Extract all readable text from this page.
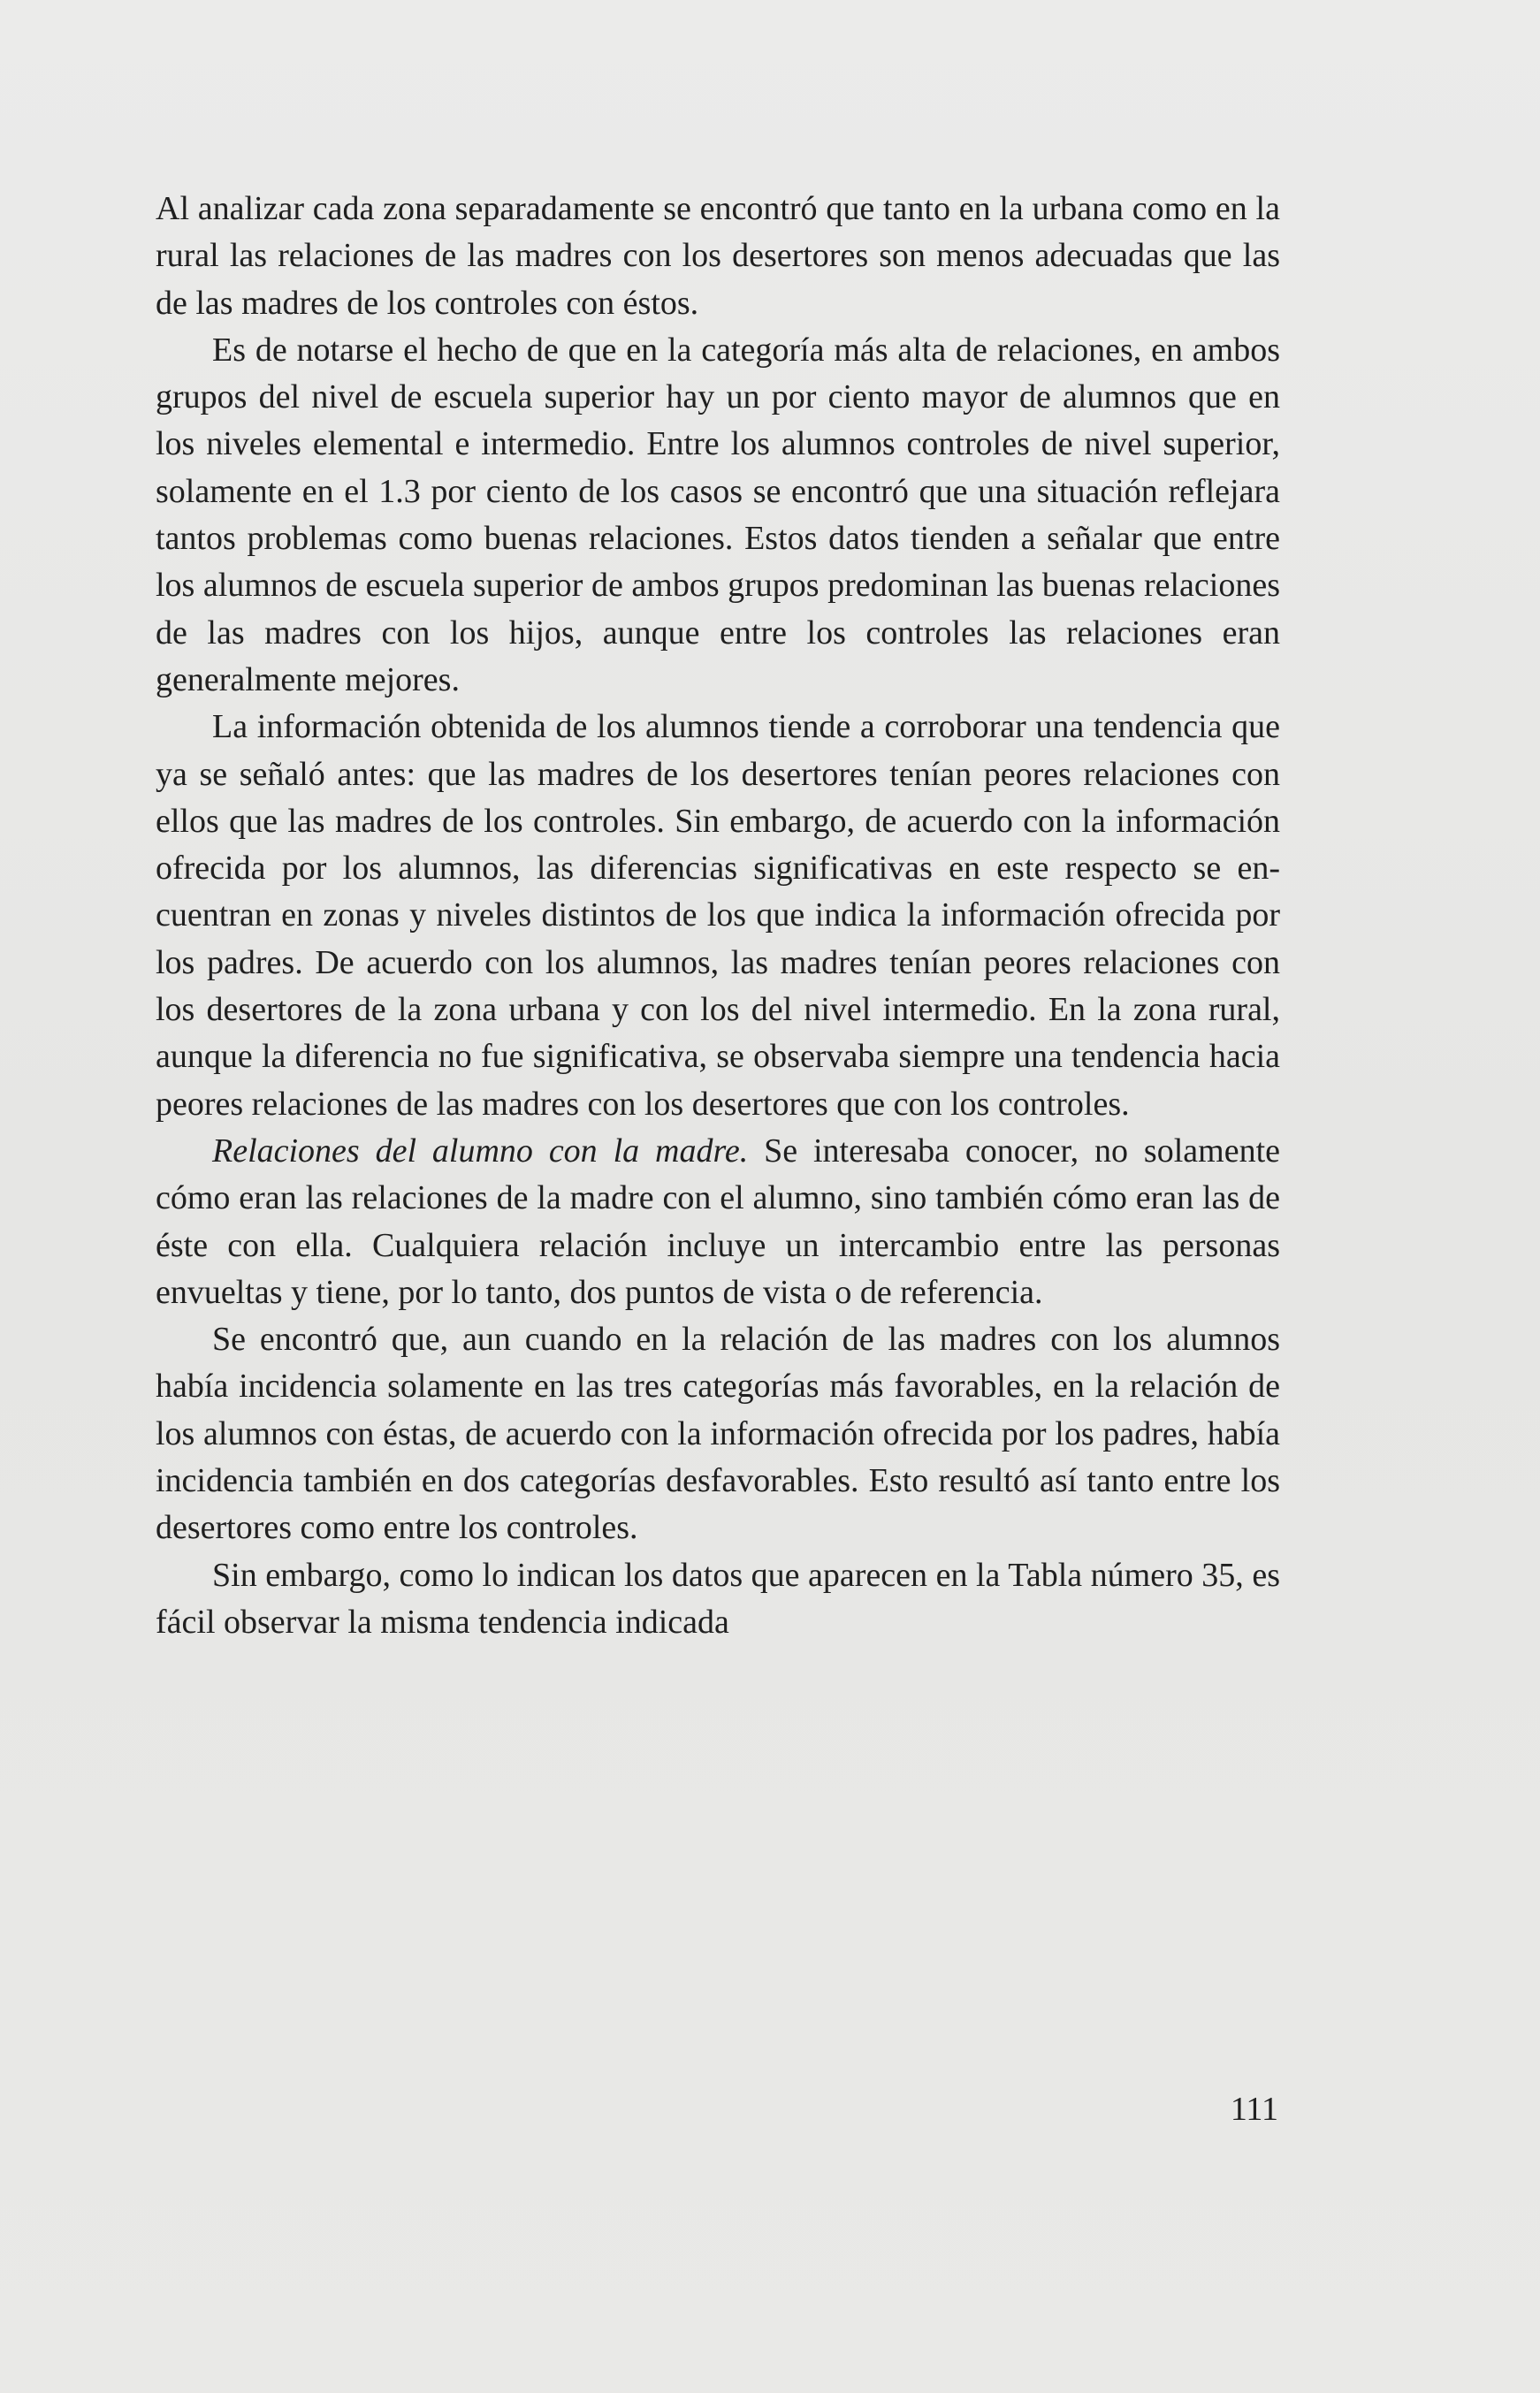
Al analizar cada zona separadamente se encontró que tanto en la urbana como en la rural las relaciones de las madres con los desertores son menos adecuadas que las de las madres de los controles con éstos.

Es de notarse el hecho de que en la categoría más alta de relaciones, en ambos grupos del nivel de escuela superior hay un por ciento mayor de alumnos que en los niveles elemental e intermedio. Entre los alumnos controles de nivel superior, solamente en el 1.3 por ciento de los casos se encontró que una situación reflejara tantos problemas como buenas relaciones. Estos datos tienden a señalar que entre los alumnos de escuela superior de ambos grupos predominan las buenas relaciones de las madres con los hijos, aunque entre los controles las relaciones eran generalmente mejores.

La información obtenida de los alumnos tiende a corroborar una tendencia que ya se señaló antes: que las madres de los desertores tenían peores relaciones con ellos que las madres de los controles. Sin embargo, de acuerdo con la información ofrecida por los alumnos, las diferencias significativas en este respecto se encuentran en zonas y niveles distintos de los que indica la información ofrecida por los padres. De acuerdo con los alumnos, las madres tenían peores relaciones con los desertores de la zona urbana y con los del nivel intermedio. En la zona rural, aunque la diferencia no fue significativa, se observaba siempre una tendencia hacia peores relaciones de las madres con los desertores que con los controles.

Relaciones del alumno con la madre. Se interesaba conocer, no solamente cómo eran las relaciones de la madre con el alumno, sino también cómo eran las de éste con ella. Cualquiera relación incluye un intercambio entre las personas envueltas y tiene, por lo tanto, dos puntos de vista o de referencia.

Se encontró que, aun cuando en la relación de las madres con los alumnos había incidencia solamente en las tres categorías más favorables, en la relación de los alumnos con éstas, de acuerdo con la información ofrecida por los padres, había incidencia también en dos categorías desfavorables. Esto resultó así tanto entre los desertores como entre los controles.

Sin embargo, como lo indican los datos que aparecen en la Tabla número 35, es fácil observar la misma tendencia indicada

111
